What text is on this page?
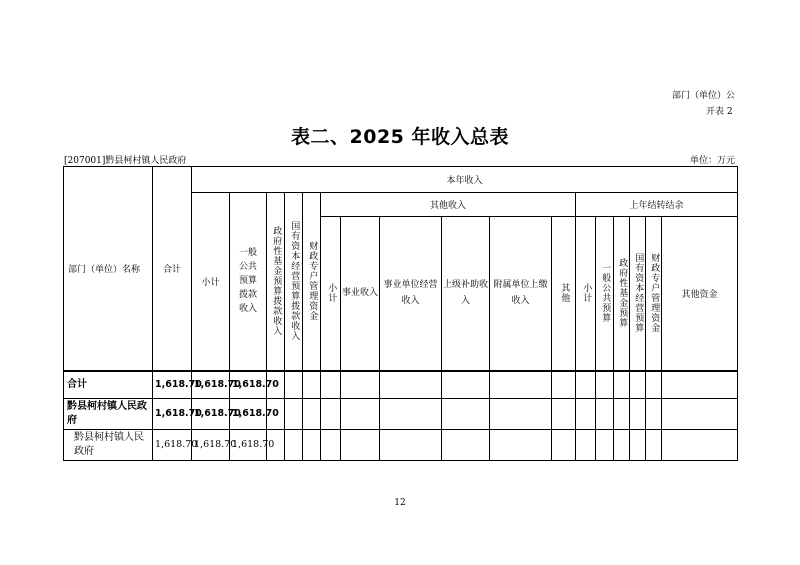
部门（单位）公
开表 2
表二、2025 年收入总表
[207001]黔县柯村镇人民政府	单位：万元
部门（单位）名称	合计	本年收入																
		小计	一般公共预算拨款收入	政府性基金预算拨款收入	国有资本经营预算拨款收入	财政专户管理资金	其他收入						上年结转结余					

							小计	事业收入	事业单位经营收入	上级补助收入	附属单位上缴收入	其他	小计	一般公共预算	政府性基金预算	国有资本经营预算	财政专户管理资金	其他资金
合计	1,618.70	1,618.70	1,618.70															
黔县柯村镇人民政府	1,618.70	1,618.70	1,618.70															
黔县柯村镇人民政府	1,618.70	1,618.70	1,618.70															
12
